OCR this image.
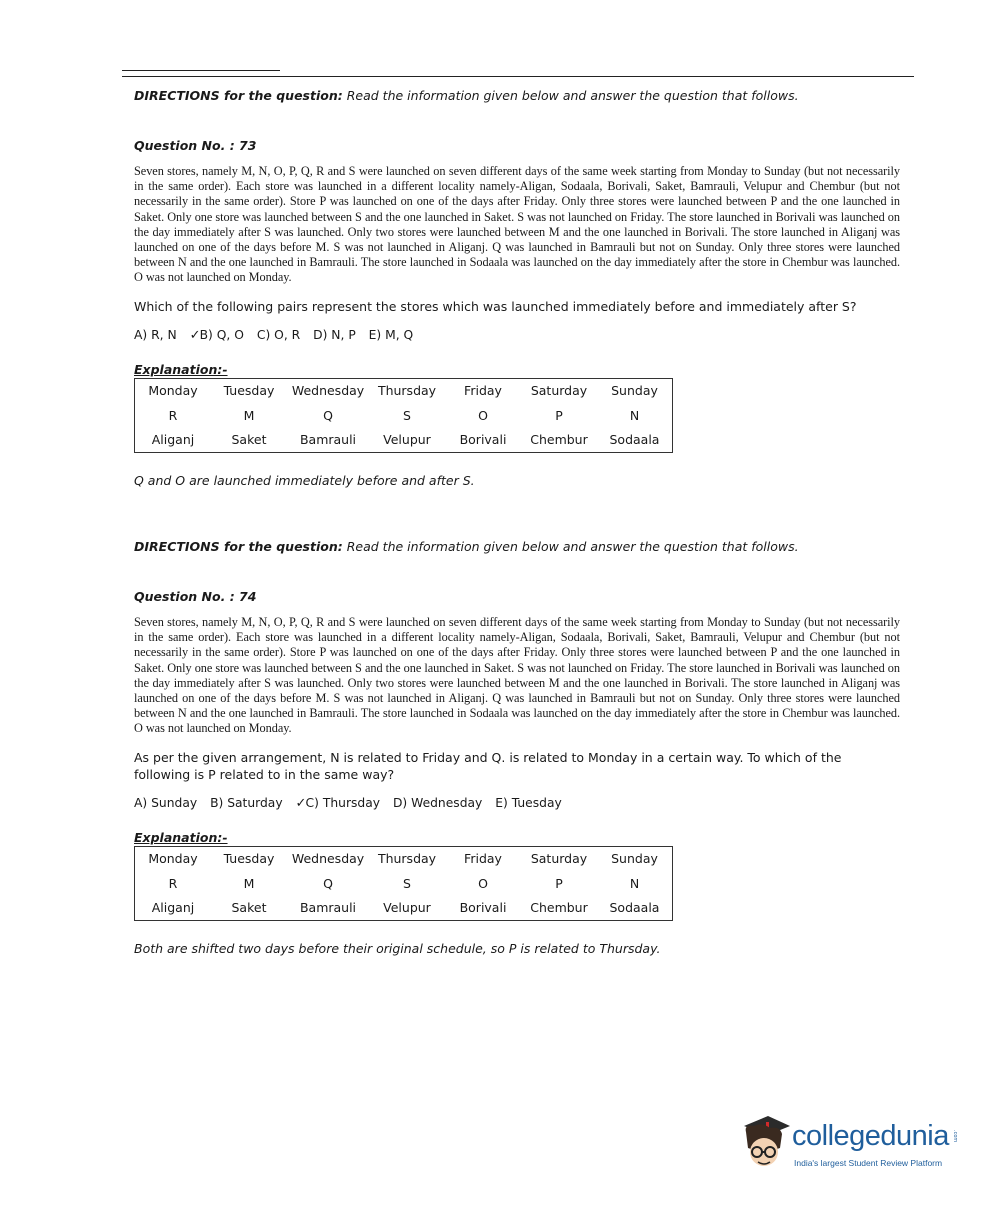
DIRECTIONS for the question: Read the information given below and answer the question that follows.

Question No. : 73

Seven stores, namely M, N, O, P, Q, R and S were launched on seven different days of the same week starting from Monday to Sunday (but not necessarily in the same order). Each store was launched in a different locality namely-Aligan, Sodaala, Borivali, Saket, Bamrauli, Velupur and Chembur (but not necessarily in the same order). Store P was launched on one of the days after Friday. Only three stores were launched between P and the one launched in Saket. Only one store was launched between S and the one launched in Saket. S was not launched on Friday. The store launched in Borivali was launched on the day immediately after S was launched. Only two stores were launched between M and the one launched in Borivali. The store launched in Aliganj was launched on one of the days before M. S was not launched in Aliganj. Q was launched in Bamrauli but not on Sunday. Only three stores were launched between N and the one launched in Bamrauli. The store launched in Sodaala was launched on the day immediately after the store in Chembur was launched. O was not launched on Monday.

Which of the following pairs represent the stores which was launched immediately before and immediately after S?

A) R, N ✓B) Q, O C) O, R D) N, P E) M, Q

Explanation:-

Monday	Tuesday	Wednesday	Thursday	Friday	Saturday	Sunday
R	M	Q	S	O	P	N
Aliganj	Saket	Bamrauli	Velupur	Borivali	Chembur	Sodaala

Q and O are launched immediately before and after S.

DIRECTIONS for the question: Read the information given below and answer the question that follows.

Question No. : 74

Seven stores, namely M, N, O, P, Q, R and S were launched on seven different days of the same week starting from Monday to Sunday (but not necessarily in the same order). Each store was launched in a different locality namely-Aligan, Sodaala, Borivali, Saket, Bamrauli, Velupur and Chembur (but not necessarily in the same order). Store P was launched on one of the days after Friday. Only three stores were launched between P and the one launched in Saket. Only one store was launched between S and the one launched in Saket. S was not launched on Friday. The store launched in Borivali was launched on the day immediately after S was launched. Only two stores were launched between M and the one launched in Borivali. The store launched in Aliganj was launched on one of the days before M. S was not launched in Aliganj. Q was launched in Bamrauli but not on Sunday. Only three stores were launched between N and the one launched in Bamrauli. The store launched in Sodaala was launched on the day immediately after the store in Chembur was launched. O was not launched on Monday.

As per the given arrangement, N is related to Friday and Q. is related to Monday in a certain way. To which of the following is P related to in the same way?

A) Sunday B) Saturday ✓C) Thursday D) Wednesday E) Tuesday

Explanation:-

Monday	Tuesday	Wednesday	Thursday	Friday	Saturday	Sunday
R	M	Q	S	O	P	N
Aliganj	Saket	Bamrauli	Velupur	Borivali	Chembur	Sodaala

Both are shifted two days before their original schedule, so P is related to Thursday.

collegedunia .com
India's largest Student Review Platform
